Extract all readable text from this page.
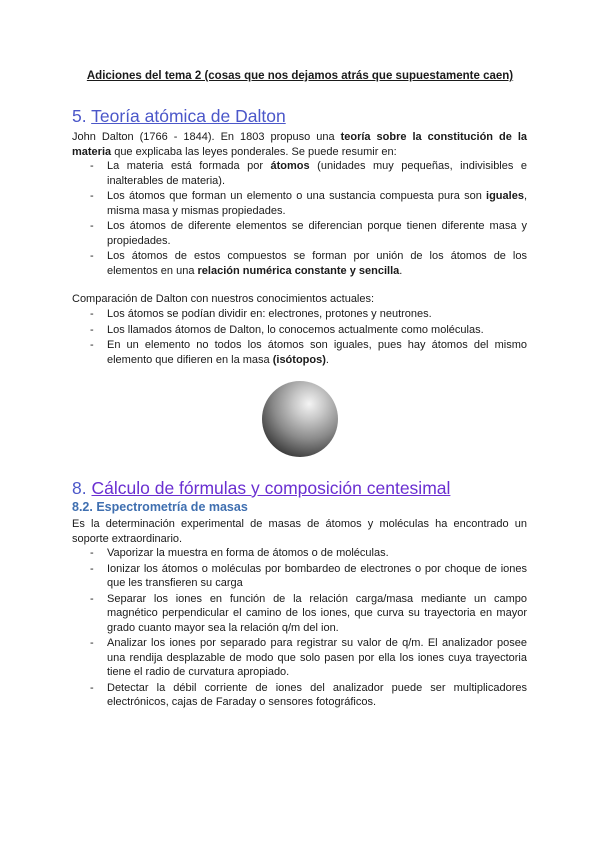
Adiciones del tema 2 (cosas que nos dejamos atrás que supuestamente caen)
5. Teoría atómica de Dalton
John Dalton (1766 - 1844). En 1803 propuso una teoría sobre la constitución de la materia que explicaba las leyes ponderales. Se puede resumir en:
- La materia está formada por átomos (unidades muy pequeñas, indivisibles e inalterables de materia).
- Los átomos que forman un elemento o una sustancia compuesta pura son iguales, misma masa y mismas propiedades.
- Los átomos de diferente elementos se diferencian porque tienen diferente masa y propiedades.
- Los átomos de estos compuestos se forman por unión de los átomos de los elementos en una relación numérica constante y sencilla.
Comparación de Dalton con nuestros conocimientos actuales:
- Los átomos se podían dividir en: electrones, protones y neutrones.
- Los llamados átomos de Dalton, lo conocemos actualmente como moléculas.
- En un elemento no todos los átomos son iguales, pues hay átomos del mismo elemento que difieren en la masa (isótopos).
8. Cálculo de fórmulas y composición centesimal
8.2. Espectrometría de masas
Es la determinación experimental de masas de átomos y moléculas ha encontrado un soporte extraordinario.
- Vaporizar la muestra en forma de átomos o de moléculas.
- Ionizar los átomos o moléculas por bombardeo de electrones o por choque de iones que les transfieren su carga
- Separar los iones en función de la relación carga/masa mediante un campo magnético perpendicular el camino de los iones, que curva su trayectoria en mayor grado cuanto mayor sea la relación q/m del ion.
- Analizar los iones por separado para registrar su valor de q/m. El analizador posee una rendija desplazable de modo que solo pasen por ella los iones cuya trayectoria tiene el radio de curvatura apropiado.
- Detectar la débil corriente de iones del analizador puede ser multiplicadores electrónicos, cajas de Faraday o sensores fotográficos.
